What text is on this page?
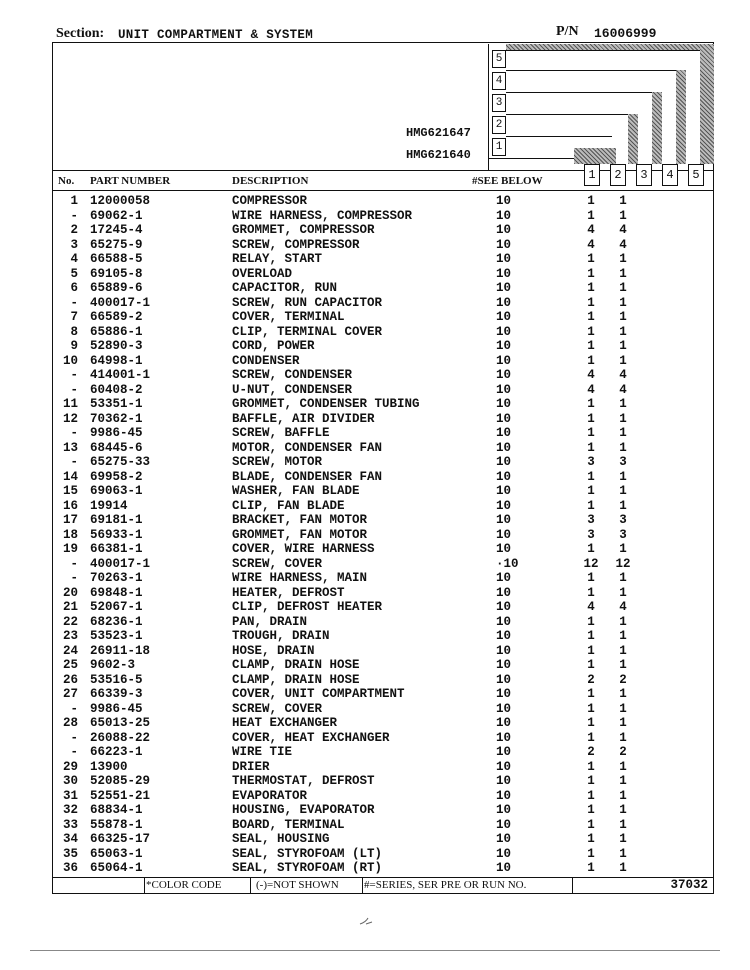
Section: UNIT COMPARTMENT & SYSTEM	P/N 16006999
5
4
3
2
1
HMG621647
HMG621640
1	2	3	4	5
No. PART NUMBER	DESCRIPTION	#SEE BELOW
1 12000058	COMPRESSOR	10	1	1
- 69062-1	WIRE HARNESS, COMPRESSOR	10	1	1
2 17245-4	GROMMET, COMPRESSOR	10	4	4
3 65275-9	SCREW, COMPRESSOR	10	4	4
4 66588-5	RELAY, START	10	1	1
5 69105-8	OVERLOAD	10	1	1
6 65889-6	CAPACITOR, RUN	10	1	1
- 400017-1	SCREW, RUN CAPACITOR	10	1	1
7 66589-2	COVER, TERMINAL	10	1	1
8 65886-1	CLIP, TERMINAL COVER	10	1	1
9 52890-3	CORD, POWER	10	1	1
10 64998-1	CONDENSER	10	1	1
- 414001-1	SCREW, CONDENSER	10	4	4
- 60408-2	U-NUT, CONDENSER	10	4	4
11 53351-1	GROMMET, CONDENSER TUBING	10	1	1
12 70362-1	BAFFLE, AIR DIVIDER	10	1	1
- 9986-45	SCREW, BAFFLE	10	1	1
13 68445-6	MOTOR, CONDENSER FAN	10	1	1
- 65275-33	SCREW, MOTOR	10	3	3
14 69958-2	BLADE, CONDENSER FAN	10	1	1
15 69063-1	WASHER, FAN BLADE	10	1	1
16 19914	CLIP, FAN BLADE	10	1	1
17 69181-1	BRACKET, FAN MOTOR	10	3	3
18 56933-1	GROMMET, FAN MOTOR	10	3	3
19 66381-1	COVER, WIRE HARNESS	10	1	1
- 400017-1	SCREW, COVER	·10	12 12
- 70263-1	WIRE HARNESS, MAIN	10	1	1
20 69848-1	HEATER, DEFROST	10	1	1
21 52067-1	CLIP, DEFROST HEATER	10	4	4
22 68236-1	PAN, DRAIN	10	1	1
23 53523-1	TROUGH, DRAIN	10	1	1
24 26911-18	HOSE, DRAIN	10	1	1
25 9602-3	CLAMP, DRAIN HOSE	10	1	1
26 53516-5	CLAMP, DRAIN HOSE	10	2	2
27 66339-3	COVER, UNIT COMPARTMENT	10	1	1
- 9986-45	SCREW, COVER	10	1	1
28 65013-25	HEAT EXCHANGER	10	1	1
- 26088-22	COVER, HEAT EXCHANGER	10	1	1
- 66223-1	WIRE TIE	10	2	2
29 13900	DRIER	10	1	1
30 52085-29	THERMOSTAT, DEFROST	10	1	1
31 52551-21	EVAPORATOR	10	1	1
32 68834-1	HOUSING, EVAPORATOR	10	1	1
33 55878-1	BOARD, TERMINAL	10	1	1
34 66325-17	SEAL, HOUSING	10	1	1
35 65063-1	SEAL, STYROFOAM (LT)	10	1	1
36 65064-1	SEAL, STYROFOAM (RT)	10	1	1
*COLOR CODE	(-)=NOT SHOWN #=SERIES, SER PRE OR RUN NO.	37032
